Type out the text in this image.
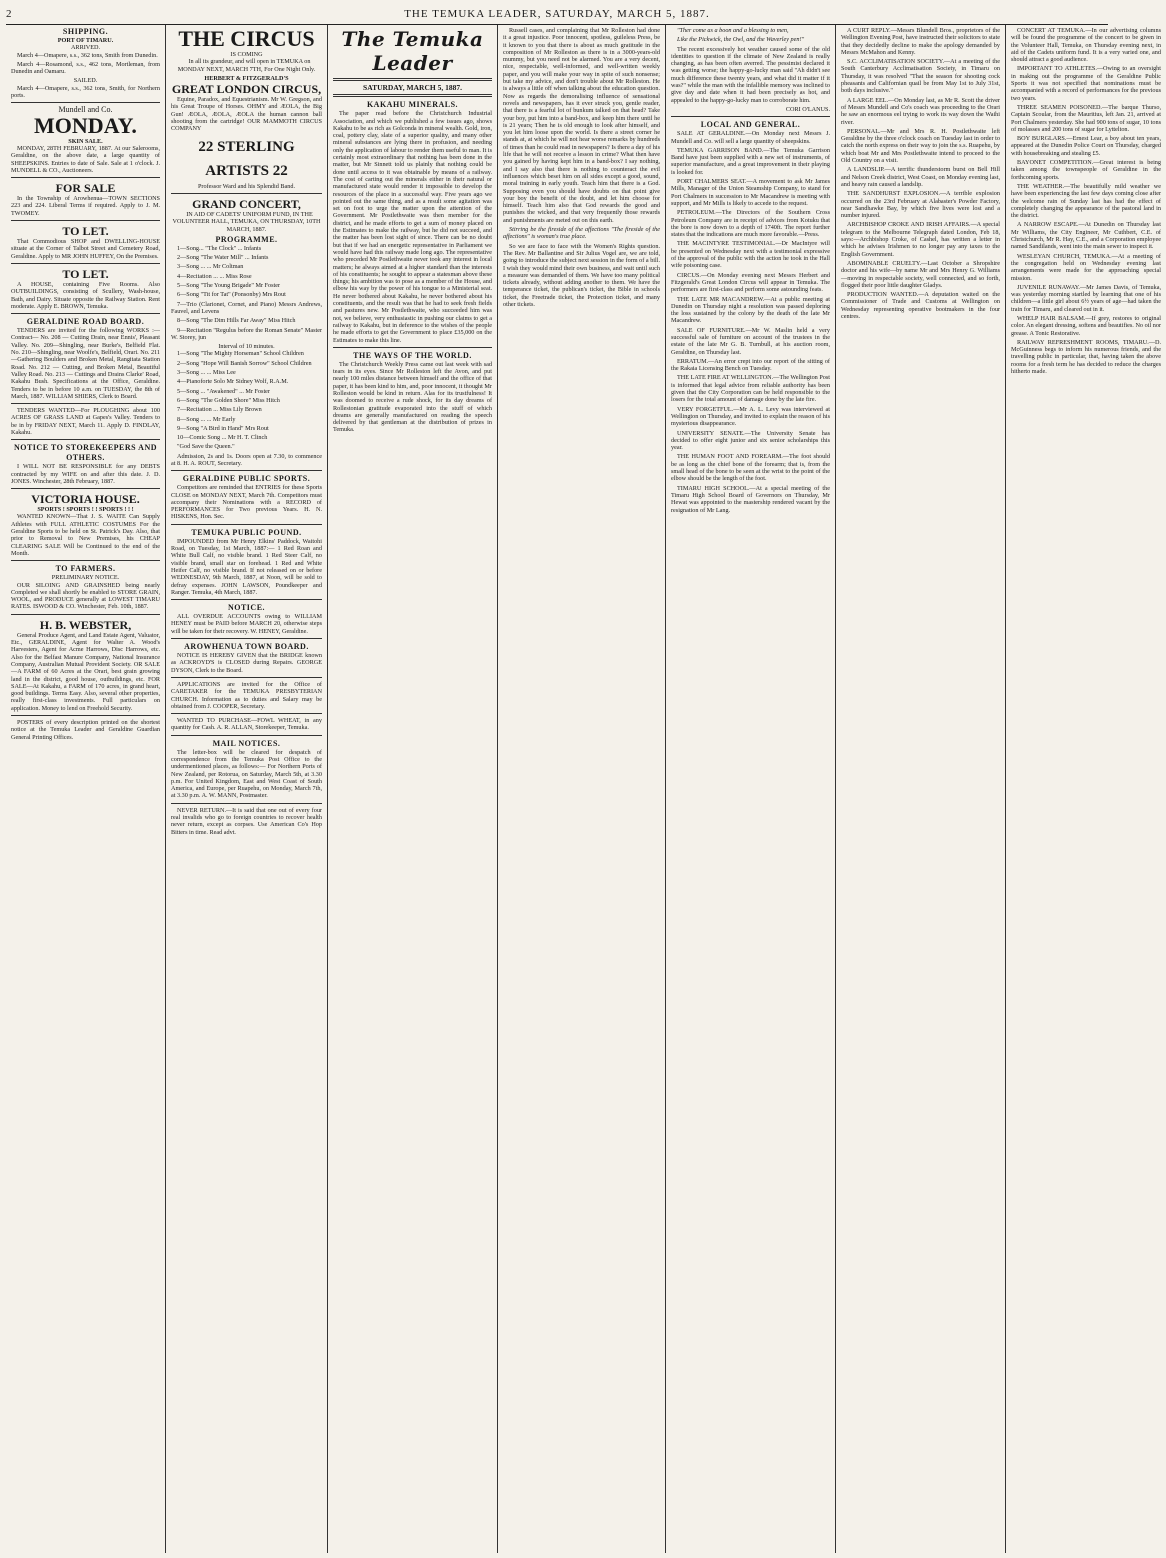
2	THE TEMUKA LEADER, SATURDAY, MARCH 5, 1887.
SHIPPING.
PORT OF TIMARU.
ARRIVED.

March 4—Omapere, s.s., 362 tons, Smith from Dunedin.

March 4—Rosamond, s.s., 462 tons, Mortleman, from Dunedin and Oamaru.

SAILED.

March 4—Omapere, s.s., 362 tons, Smith, for Northern ports.

Mundell and Co.
MONDAY.
SKIN SALE.

MONDAY, 28TH FEBRUARY, 1887. At our Salerooms, Geraldine, on the above date, a large quantity of SHEEPSKINS. Entries to date of Sale. Sale at 1 o'clock. J. MUNDELL & CO., Auctioneers.

FOR SALE

In the Township of Arowhenua—TOWN SECTIONS 223 and 224. Liberal Terms if required. Apply to J. M. TWOMEY.

TO LET.

That Commodious SHOP and DWELLING-HOUSE situate at the Corner of Talbot Street and Cemetery Road, Geraldine. Apply to MR JOHN HUFFEY, On the Premises.

TO LET.

A HOUSE, containing Five Rooms. Also OUTBUILDINGS, consisting of Scullery, Wash-house, Bath, and Dairy. Situate opposite the Railway Station. Rent moderate. Apply E. BROWN, Temuka.

GERALDINE ROAD BOARD.

TENDERS are invited for the following WORKS :— Contract— No. 208 — Cutting Drain, near Ennis', Pleasant Valley. No. 209—Shingling, near Burke's, Belfield Flat. No. 210—Shingling, near Woolfe's, Belfield, Orari. No. 211—Gathering Boulders and Broken Metal, Rangitata Station Road. No. 212 — Cutting, and Broken Metal, Beautiful Valley Road. No. 213 — Cuttings and Drains Clarke' Road, Kakahu Bush. Specifications at the Office, Geraldine. Tenders to be in before 10 a.m. on TUESDAY, the 8th of March, 1887. WILLIAM SHIERS, Clerk to Board.

TENDERS WANTED—For PLOUGHING about 100 ACRES OF GRASS LAND at Gapes's Valley. Tenders to be in by FRIDAY NEXT, March 11. Apply D. FINDLAY, Kakahu.

NOTICE TO STOREKEEPERS AND OTHERS.

I WILL NOT BE RESPONSIBLE for any DEBTS contracted by my WIFE on and after this date. J. D. JONES. Winchester, 28th February, 1887.

VICTORIA HOUSE.
SPORTS ! SPORTS ! ! SPORTS ! ! !

WANTED KNOWN—That J. S. WAITE Can Supply Athletes with FULL ATHLETIC COSTUMES For the Geraldine Sports to be held on St. Patrick's Day. Also, that prior to Removal to New Premises, his CHEAP CLEARING SALE Will be Continued to the end of the Month.

TO FARMERS.
PRELIMINARY NOTICE.

OUR SILOING AND GRAINSHED being nearly Completed we shall shortly be enabled to STORE GRAIN, WOOL, and PRODUCE generally at LOWEST TIMARU RATES. ISWOOD & CO. Winchester, Feb. 10th, 1887.

H. B. WEBSTER,

General Produce Agent, and Land Estate Agent, Valuator, Etc., GERALDINE, Agent for Walter A. Wood's Harvesters, Agent for Acme Harrows, Disc Harrows, etc. Also for the Belfast Manure Company, National Insurance Company, Australian Mutual Provident Society. OR SALE—A FARM of 60 Acres at the Orari, best grain growing land in the district, good house, outbuildings, etc. FOR SALE—At Kakahu, a FARM of 170 acres, in grand heart, good buildings. Terms Easy. Also, several other properties, really first-class investments. Full particulars on application. Money to lend on Freehold Security.

POSTERS of every description printed on the shortest notice at the Temuka Leader and Geraldine Guardian General Printing Offices.

THE CIRCUS
IS COMING

In all its grandeur, and will open in TEMUKA on MONDAY NEXT, MARCH 7TH, For One Night Only.

HERBERT & FITZGERALD'S
GREAT LONDON CIRCUS,

Equine, Paradox, and Equestrianism. Mr W. Gregson, and his Great Troupe of Horses. OHMY and ÆOLA, the Big Gun! ÆOLA, ÆOLA, ÆOLA the human cannon ball shooting from the cartridge! OUR MAMMOTH CIRCUS COMPANY

22 STERLING ARTISTS 22
Professor Ward and his Splendid Band.
GRAND CONCERT,

IN AID OF CADETS' UNIFORM FUND, IN THE VOLUNTEER HALL, TEMUKA, ON THURSDAY, 10TH MARCH, 1887.

PROGRAMME.

1—Song... "The Clock" ... Infants

2—Song "The Water Mill" ... Infants

3—Song ... ... Mr Coltman

4—Recitation ... ... Miss Rose

5—Song "The Young Brigade" Mr Foster

6—Song "Tit for Tat" (Ponsonby) Mrs Rout

7—Trio (Clarionet, Cornet, and Piano) Messrs Andrews, Fauvel, and Levens

8—Song "The Dim Hills Far Away" Miss Hitch

9—Recitation "Regulus before the Roman Senate" Master W. Storey, jun

Interval of 10 minutes.

1—Song "The Mighty Horseman" School Children

2—Song "Hope Will Banish Sorrow" School Children

3—Song ... ... Miss Lee

4—Pianoforte Solo Mr Sidney Wolf, R.A.M.

5—Song ... "Awakened" ... Mr Foster

6—Song "The Golden Shore" Miss Hitch

7—Recitation ... Miss Lily Brown

8—Song ... ... Mr Early

9—Song "A Bird in Hand" Mrs Rout

10—Comic Song ... Mr H. T. Clinch

"God Save the Queen."

Admission, 2s and 1s. Doors open at 7.30, to commence at 8. H. A. ROUT, Secretary.

GERALDINE PUBLIC SPORTS.

Competitors are reminded that ENTRIES for these Sports CLOSE on MONDAY NEXT, March 7th. Competitors must accompany their Nominations with a RECORD of PERFORMANCES for Two previous Years. H. N. HISKENS, Hon. Sec.

TEMUKA PUBLIC POUND.

IMPOUNDED from Mr Henry Elkins' Paddock, Waitohi Road, on Tuesday, 1st March, 1887:— 1 Red Roan and White Bull Calf, no visible brand. 1 Red Steer Calf, no visible brand, small star on forehead. 1 Red and White Heifer Calf, no visible brand. If not released on or before WEDNESDAY, 9th March, 1887, at Noon, will be sold to defray expenses. JOHN LAWSON, Poundkeeper and Ranger. Temuka, 4th March, 1887.

NOTICE.

ALL OVERDUE ACCOUNTS owing to WILLIAM HENEY must be PAID before MARCH 20, otherwise steps will be taken for their recovery. W. HENEY, Geraldine.

AROWHENUA TOWN BOARD.

NOTICE IS HEREBY GIVEN that the BRIDGE known as ACKROYD'S is CLOSED during Repairs. GEORGE DYSON, Clerk to the Board.

APPLICATIONS are invited for the Office of CARETAKER for the TEMUKA PRESBYTERIAN CHURCH. Information as to duties and Salary may be obtained from J. COOPER, Secretary.

WANTED TO PURCHASE—FOWL WHEAT, in any quantity for Cash. A. R. ALLAN, Storekeeper, Temuka.

MAIL NOTICES.

The letter-box will be cleared for despatch of correspondence from the Temuka Post Office to the undermentioned places, as follows:— For Northern Ports of New Zealand, per Rotorua, on Saturday, March 5th, at 3.30 p.m. For United Kingdom, East and West Coast of South America, and Europe, per Ruapehu, on Monday, March 7th, at 3.30 p.m. A. W. MANN, Postmaster.

NEVER RETURN.—It is said that one out of every four real invalids who go to foreign countries to recover health never return, except as corpses. Use American Co's Hop Bitters in time. Read advt.

The Temuka Leader
SATURDAY, MARCH 5, 1887.
KAKAHU MINERALS.

The paper read before the Christchurch Industrial Association, and which we published a few issues ago, shows Kakahu to be as rich as Golconda in mineral wealth. Gold, iron, coal, pottery clay, slate of a superior quality, and many other mineral substances are lying there in profusion, and needing only the application of labour to render them useful to man. It is certainly most extraordinary that nothing has been done in the matter, but Mr Sinnett told us plainly that nothing could be done until access to it was obtainable by means of a railway. The cost of carting out the minerals either in their natural or manufactured state would render it impossible to develop the resources of the place in a successful way. Five years ago we pointed out the same thing, and as a result some agitation was set on foot to urge the matter upon the attention of the Government. Mr Postlethwaite was then member for the district, and he made efforts to get a sum of money placed on the Estimates to make the railway, but he did not succeed, and the matter has been lost sight of since. There can be no doubt but that if we had an energetic representative in Parliament we would have had this railway made long ago. The representative who preceded Mr Postlethwaite never took any interest in local matters; he always aimed at a higher standard than the interests of his constituents; he sought to appear a statesman above these things; his ambition was to pose as a member of the House, and elbow his way by the power of his tongue to a Ministerial seat. He never bothered about Kakahu, he never bothered about his constituents, and the result was that he had to seek fresh fields and pastures new. Mr Postlethwaite, who succeeded him was not, we believe, very enthusiastic in pushing our claims to get a railway to Kakahu, but in deference to the wishes of the people he made efforts to get the Government to place £35,000 on the Estimates to make this line.

THE WAYS OF THE WORLD.

The Christchurch Weekly Press came out last week with sad tears in its eyes. Since Mr Rolleston left the Avon, and put nearly 100 miles distance between himself and the office of that paper, it has been kind to him, and, poor innocent, it thought Mr Rolleston would be kind in return. Alas for its trustfulness! It was doomed to receive a rude shock, for its day dreams of Rollestonian gratitude evaporated into the stuff of which dreams are generally manufactured on reading the speech delivered by that gentleman at the distribution of prizes in Temuka.

Russell cases, and complaining that Mr Rolleston had done it a great injustice. Poor innocent, spotless, guileless Press, be it known to you that there is about as much gratitude in the composition of Mr Rolleston as there is in a 3000-years-old mummy, but you need not be alarmed. You are a very decent, nice, respectable, well-informed, and well-written weekly paper, and you will make your way in spite of such nonsense; but take my advice, and don't trouble about Mr Rolleston. He is always a little off when talking about the education question. Now as regards the demoralising influence of sensational novels and newspapers, has it ever struck you, gentle reader, that there is a fearful lot of bunkum talked on that head? Take your boy, put him into a band-box, and keep him there until he is 21 years; Then he is old enough to look after himself, and you let him loose upon the world. Is there a street corner he stands at, at which he will not hear worse remarks by hundreds of times than he could read in newspapers? Is there a day of his life that he will not receive a lesson in crime? What then have you gained by having kept him in a band-box? I say nothing, and I say also that there is nothing to counteract the evil influences which beset him on all sides except a good, sound, moral training in early youth. Teach him that there is a God. Supposing even you should have doubts on that point give your boy the benefit of the doubt, and let him choose for himself. Teach him also that God rewards the good and punishes the wicked, and that very frequently those rewards and punishments are meted out on this earth.

Stirring be the fireside of the affections "The fireside of the affections" is woman's true place.

So we are face to face with the Women's Rights question. The Rev. Mr Ballantine and Sir Julius Vogel are, we are told, going to introduce the subject next session in the form of a bill. I wish they would mind their own business, and wait until such a measure was demanded of them. We have too many political tickets already, without adding another to them. We have the temperance ticket, the publican's ticket, the Bible in schools ticket, the Freetrade ticket, the Protection ticket, and many other tickets.

"Ther come as a boon and a blessing to men,

Like the Pickwick, the Owl, and the Waverley pen!"

The recent excessively hot weather caused some of the old identities to question if the climate of New Zealand is really changing, as has been often averred. The pessimist declared it was getting worse; the happy-go-lucky man said "Ah didn't see much difference these twenty years, and what did it matter if it was?" while the man with the infallible memory was inclined to give day and date when it had been precisely as hot, and appealed to the happy-go-lucky man to corroborate him.

CORI O'LANUS.
LOCAL AND GENERAL.

SALE AT GERALDINE.—On Monday next Messrs J. Mundell and Co. will sell a large quantity of sheepskins.

TEMUKA GARRISON BAND.—The Temuka Garrison Band have just been supplied with a new set of instruments, of superior manufacture, and a great improvement in their playing is looked for.

PORT CHALMERS SEAT.—A movement to ask Mr James Mills, Manager of the Union Steamship Company, to stand for Port Chalmers in succession to Mr Macandrew is meeting with support, and Mr Mills is likely to accede to the request.

PETROLEUM.—The Directors of the Southern Cross Petroleum Company are in receipt of advices from Kotuku that the bore is now down to a depth of 1740ft. The report further states that the indications are much more favorable.—Press.

THE MACINTYRE TESTIMONIAL.—Dr MacIntyre will be presented on Wednesday next with a testimonial expressive of the approval of the public with the action he took in the Hall wife poisoning case.

CIRCUS.—On Monday evening next Messrs Herbert and Fitzgerald's Great London Circus will appear in Temuka. The performers are first-class and perform some astounding feats.

THE LATE MR MACANDREW.—At a public meeting at Dunedin on Thursday night a resolution was passed deploring the loss sustained by the colony by the death of the late Mr Macandrew.

SALE OF FURNITURE.—Mr W. Maslin held a very successful sale of furniture on account of the trustees in the estate of the late Mr G. B. Turnbull, at his auction room, Geraldine, on Thursday last.

ERRATUM.—An error crept into our report of the sitting of the Rakaia Licensing Bench on Tuesday.

THE LATE FIRE AT WELLINGTON.—The Wellington Post is informed that legal advice from reliable authority has been given that the City Corporation can be held responsible to the losers for the total amount of damage done by the late fire.

VERY FORGETFUL.—Mr A. L. Levy was interviewed at Wellington on Thursday, and invited to explain the reason of his mysterious disappearance.

UNIVERSITY SENATE.—The University Senate has decided to offer eight junior and six senior scholarships this year.

THE HUMAN FOOT AND FOREARM.—The foot should be as long as the chief bone of the forearm; that is, from the small head of the bone to be seen at the wrist to the point of the elbow should be the length of the foot.

TIMARU HIGH SCHOOL.—At a special meeting of the Timaru High School Board of Governors on Thursday, Mr Hewat was appointed to the mastership rendered vacant by the resignation of Mr Lang.

A CURT REPLY.—Messrs Blundell Bros., proprietors of the Wellington Evening Post, have instructed their solicitors to state that they decidedly decline to make the apology demanded by Messrs McMahon and Kenny.

S.C. ACCLIMATISATION SOCIETY.—At a meeting of the South Canterbury Acclimatisation Society, in Timaru on Thursday, it was resolved "That the season for shooting cock pheasants and Californian quail be from May 1st to July 31st, both days inclusive."

A LARGE EEL.—On Monday last, as Mr R. Scott the driver of Messrs Mundell and Co's coach was proceeding to the Orari he saw an enormous eel trying to work its way down the Waihi river.

PERSONAL.—Mr and Mrs R. H. Postlethwaite left Geraldine by the three o'clock coach on Tuesday last in order to catch the north express on their way to join the s.s. Ruapehu, by which boat Mr and Mrs Postlethwaite intend to proceed to the Old Country on a visit.

A LANDSLIP.—A terrific thunderstorm burst on Bell Hill and Nelson Creek district, West Coast, on Monday evening last, and heavy rain caused a landslip.

THE SANDHURST EXPLOSION.—A terrible explosion occurred on the 23rd February at Alabaster's Powder Factory, near Sandhawke Bay, by which five lives were lost and a number injured.

ARCHBISHOP CROKE AND IRISH AFFAIRS.—A special telegram to the Melbourne Telegraph dated London, Feb 18, says:—Archbishop Croke, of Cashel, has written a letter in which he advises Irishmen to no longer pay any taxes to the English Government.

ABOMINABLE CRUELTY.—Last October a Shropshire doctor and his wife—by name Mr and Mrs Henry G. Williams—moving in respectable society, well connected, and so forth, flogged their poor little daughter Gladys.

PRODUCTION WANTED.—A deputation waited on the Commissioner of Trade and Customs at Wellington on Wednesday representing operative bootmakers in the four centres.

CONCERT AT TEMUKA.—In our advertising columns will be found the programme of the concert to be given in the Volunteer Hall, Temuka, on Thursday evening next, in aid of the Cadets uniform fund. It is a very varied one, and should attract a good audience.

IMPORTANT TO ATHLETES.—Owing to an oversight in making out the programme of the Geraldine Public Sports it was not specified that nominations must be accompanied with a record of performances for the previous two years.

THREE SEAMEN POISONED.—The barque Thurso, Captain Scoular, from the Mauritius, left Jan. 21, arrived at Port Chalmers yesterday. She had 900 tons of sugar, 10 tons of molasses and 200 tons of sugar for Lyttelton.

BOY BURGLARS.—Ernest Lear, a boy about ten years, appeared at the Dunedin Police Court on Thursday, charged with housebreaking and stealing £5.

BAYONET COMPETITION.—Great interest is being taken among the townspeople of Geraldine in the forthcoming sports.

THE WEATHER.—The beautifully mild weather we have been experiencing the last few days coming close after the welcome rain of Sunday last has had the effect of completely changing the appearance of the pastoral land in the district.

A NARROW ESCAPE.—At Dunedin on Thursday last Mr Williams, the City Engineer, Mr Cuthbert, C.E. of Christchurch, Mr R. Hay, C.E., and a Corporation employee named Sandilands, went into the main sewer to inspect it.

WESLEYAN CHURCH, TEMUKA.—At a meeting of the congregation held on Wednesday evening last arrangements were made for the approaching special mission.

JUVENILE RUNAWAY.—Mr James Davis, of Temuka, was yesterday morning startled by learning that one of his children—a little girl about 6½ years of age—had taken the train for Timaru, and cleared out in it.

WHELP HAIR BALSAM.—If grey, restores to original color. An elegant dressing, softens and beautifies. No oil nor grease. A Tonic Restorative.

RAILWAY REFRESHMENT ROOMS, TIMARU.—D. McGuinness begs to inform his numerous friends, and the travelling public in particular, that, having taken the above rooms for a fresh term he has decided to reduce the charges hitherto made.
